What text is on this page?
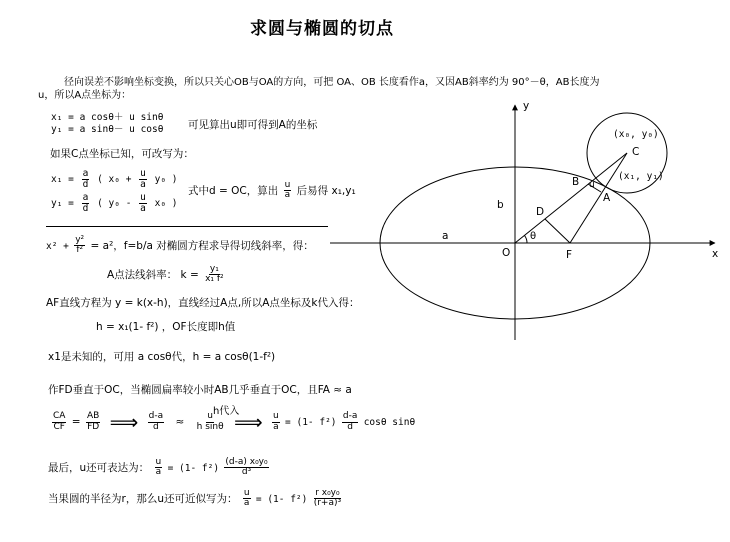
求圆与椭圆的切点
径向误差不影响坐标变换，所以只关心OB与OA的方向，可把 OA、OB 长度看作a，又因AB斜率约为 90°－θ，AB长度为
u，所以A点坐标为：
x₁ = a cosθ＋ u sinθ
y₁ = a sinθ－ u cosθ 可见算出u即可得到A的坐标
如果C点坐标已知，可改写为：
$x_1 = \frac{a}{d}$ ( $x_0 + \frac{u}{a} y_0$ )
$y_1 = \frac{a}{d}$ ( $y_0 - \frac{u}{a} x_0$ )
式中d = OC，算出 $\frac{u}{a}$ 后易得 x₁,y₁
$x^2 + \frac{\text{y²}}{\text{f²}} = a^2$，f=b/a 对椭圆方程求导得切线斜率，得：
A点法线斜率： $k = \frac{\text{y₁}}{\text{x₁ f²}}$
AF直线方程为 y = k(x-h)，直线经过A点,所以A点坐标及k代入得：
h = x₁(1- f²) ，OF长度即h值
x1是未知的，可用 a cosθ代，h = a cosθ(1-f²)
作FD垂直于OC，当椭圆扁率较小时AB几乎垂直于OC，且FA ≈ a
$\frac{CA}{CF} = \frac{AB}{FD}$ ⟹ $\frac{d-a}{d} \approx \frac{u}{\text{h sinθ}}$ ⟹ $\frac{u}{a} = (1-$ $f^2) \frac{d-a}{d}$ cosθ sinθ
h代入
最后，u还可表达为： $\frac{u}{a} = (1-$ $f^2) \frac{\text{(d-a) x₀y₀}}{\text{d³}}$
当果圆的半径为r，那么u还可近似写为： $\frac{u}{a} = (1-$ $f^2) \frac{\text{r x₀y₀}}{\text{(r+a)³}}$
y
x
O	F
D
B
A
C
u
θ
a
b
(x₀, y₀)
(x₁, y₁)
